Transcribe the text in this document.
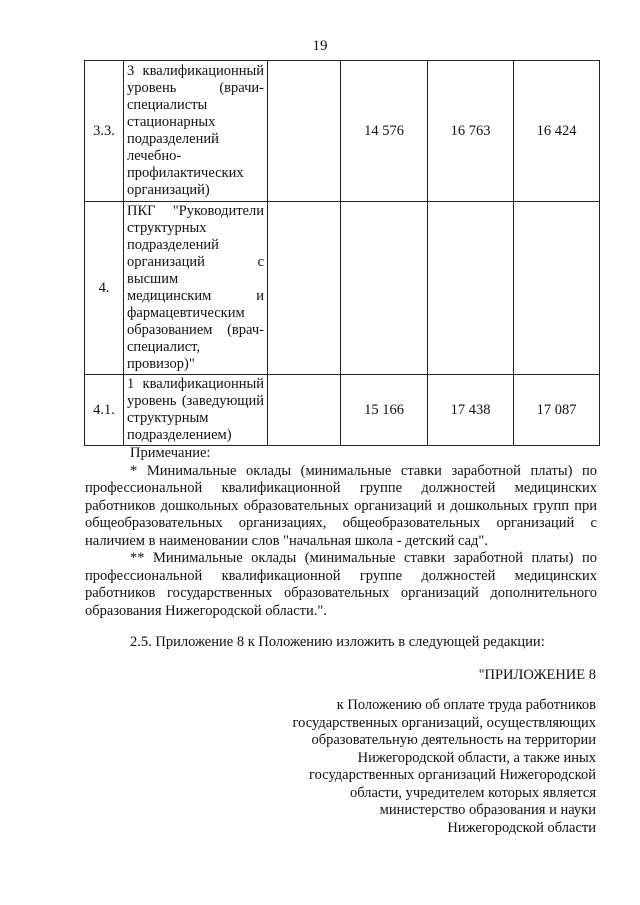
19
3.3.	3 квалификационный уровень (врачи-специалисты стационарных подразделений лечебно-профилактических организаций)		14 576	16 763	16 424
4.	ПКГ "Руководители структурных подразделений организаций с высшим медицинским и фармацевтическим образованием (врач-специалист, провизор)"				
4.1.	1 квалификационный уровень (заведующий структурным подразделением)		15 166	17 438	17 087

Примечание:

* Минимальные оклады (минимальные ставки заработной платы) по профессиональной квалификационной группе должностей медицинских работников дошкольных образовательных организаций и дошкольных групп при общеобразовательных организациях, общеобразовательных организаций с наличием в наименовании слов "начальная школа - детский сад".

** Минимальные оклады (минимальные ставки заработной платы) по профессиональной квалификационной группе должностей медицинских работников государственных образовательных организаций дополнительного образования Нижегородской области.".

2.5. Приложение 8 к Положению изложить в следующей редакции:

"ПРИЛОЖЕНИЕ 8

к Положению об оплате труда работников
государственных организаций, осуществляющих
образовательную деятельность на территории
Нижегородской области, а также иных
государственных организаций Нижегородской
области, учредителем которых является
министерство образования и науки
Нижегородской области
